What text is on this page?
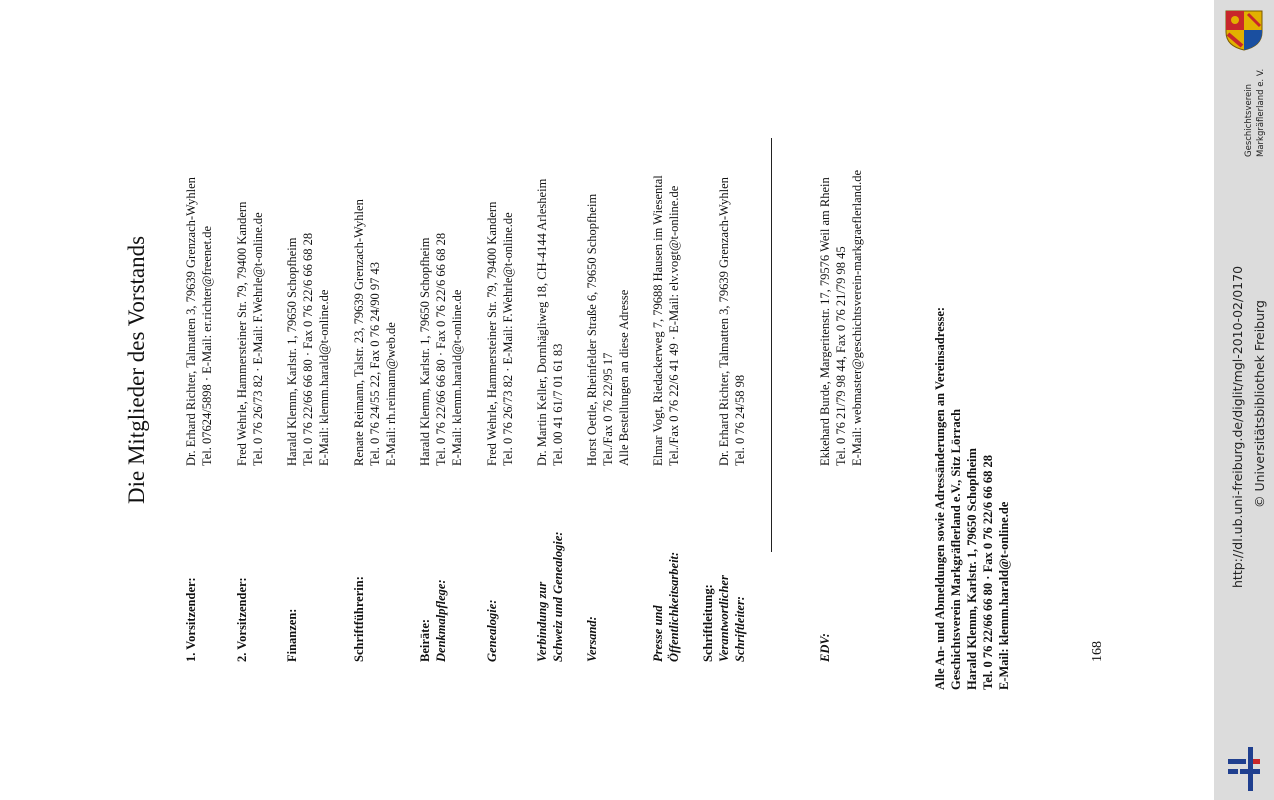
Die Mitglieder des Vorstands
1. Vorsitzender:
Dr. Erhard Richter, Talmatten 3, 79639 Grenzach-Wyhlen Tel. 07624/5898 · E-Mail: er.richter@freenet.de
2. Vorsitzender:
Fred Wehrle, Hammersteiner Str. 79, 79400 Kandern Tel. 0 76 26/73 82 · E-Mail: F.Wehrle@t-online.de
Finanzen:
Harald Klemm, Karlstr. 1, 79650 Schopfheim Tel. 0 76 22/66 66 80 · Fax 0 76 22/6 66 68 28 E-Mail: klemm.harald@t-online.de
Schriftführerin:
Renate Reimann, Talstr. 23, 79639 Grenzach-Wyhlen Tel. 0 76 24/55 22, Fax 0 76 24/90 97 43 E-Mail: rh.reimann@web.de
Beiräte: Denkmalpflege:
Harald Klemm, Karlstr. 1, 79650 Schopfheim Tel. 0 76 22/66 66 80 · Fax 0 76 22/6 66 68 28 E-Mail: klemm.harald@t-online.de
Genealogie:
Fred Wehrle, Hammersteiner Str. 79, 79400 Kandern Tel. 0 76 26/73 82 · E-Mail: F.Wehrle@t-online.de
Verbindung zur Schweiz und Genealogie:
Dr. Martin Keller, Dornhägliweg 18, CH-4144 Arlesheim Tel. 00 41 61/7 01 61 83
Versand:
Horst Oettle, Rheinfelder Straße 6, 79650 Schopfheim Tel./Fax 0 76 22/95 17 Alle Bestellungen an diese Adresse
Presse und Öffentlichkeitsarbeit:
Elmar Vogt, Riedackerweg 7, 79688 Hausen im Wiesental Tel./Fax 0 76 22/6 41 49 · E-Mail: elv.vogt@t-online.de
Schriftleitung: Verantwortlicher Schriftleiter:

Dr. Erhard Richter, Talmatten 3, 79639 Grenzach-Wyhlen Tel. 0 76 24/58 98
EDV:
Ekkehard Burde, Margeritenstr. 17, 79576 Weil am Rhein Tel. 0 76 21/79 98 44, Fax 0 76 21/79 98 45 E-Mail: webmaster@geschichtsverein-markgraeflerland.de	Alle An- und Abmeldungen sowie Adressänderungen an Vereinsadresse: Geschichtsverein Markgräflerland e.V., Sitz Lörrach Harald Klemm, Karlstr. 1, 79650 Schopfheim Tel. 0 76 22/66 66 80 · Fax 0 76 22/6 66 68 28 E-Mail: klemm.harald@t-online.de	168
Geschichtsverein Markgräflerland e. V.
http://dl.ub.uni-freiburg.de/diglit/mgl-2010-02/0170 © Universitätsbibliothek Freiburg
